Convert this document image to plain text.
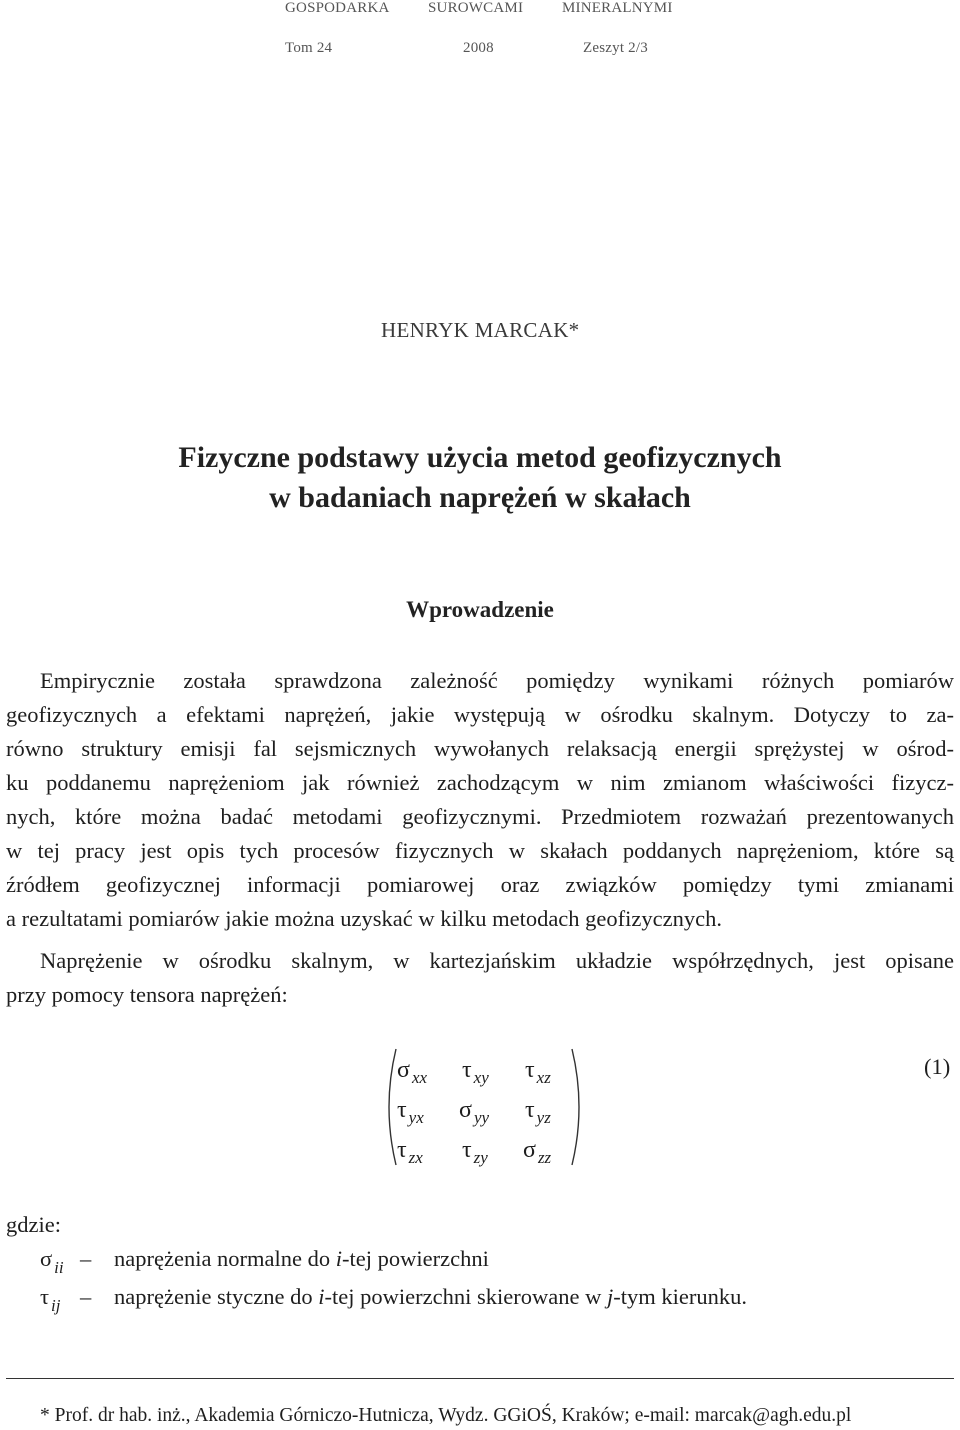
GOSPODARKA	SUROWCAMI	MINERALNYMI
Tom 24	2008	Zeszyt 2/3
HENRYK MARCAK*
Fizyczne podstawy użycia metod geofizycznych
w badaniach naprężeń w skałach
Wprowadzenie
Empirycznie została sprawdzona zależność pomiędzy wynikami różnych pomiarów
geofizycznych a efektami naprężeń, jakie występują w ośrodku skalnym. Dotyczy to za-
równo struktury emisji fal sejsmicznych wywołanych relaksacją energii sprężystej w ośrod-
ku poddanemu naprężeniom jak również zachodzącym w nim zmianom właściwości fizycz-
nych, które można badać metodami geofizycznymi. Przedmiotem rozważań prezentowanych
w tej pracy jest opis tych procesów fizycznych w skałach poddanych naprężeniom, które są
źródłem geofizycznej informacji pomiarowej oraz związków pomiędzy tymi zmianami
a rezultatami pomiarów jakie można uzyskać w kilku metodach geofizycznych.
Naprężenie w ośrodku skalnym, w kartezjańskim układzie współrzędnych, jest opisane
przy pomocy tensora naprężeń:
σ $_{xx}$ τ $_{xy}$ τ $_{xz}$
τ $_{yx}$ σ $_{yy}$ τ $_{yz}$
τ $_{zx}$ τ $_{zy}$ σ $_{zz}$
(1)
gdzie:
σ $_{ii}$ – naprężenia normalne do i-tej powierzchni
τ $_{ij}$ – naprężenie styczne do i-tej powierzchni skierowane w j-tym kierunku.
* Prof. dr hab. inż., Akademia Górniczo-Hutnicza, Wydz. GGiOŚ, Kraków; e-mail: marcak@agh.edu.pl
